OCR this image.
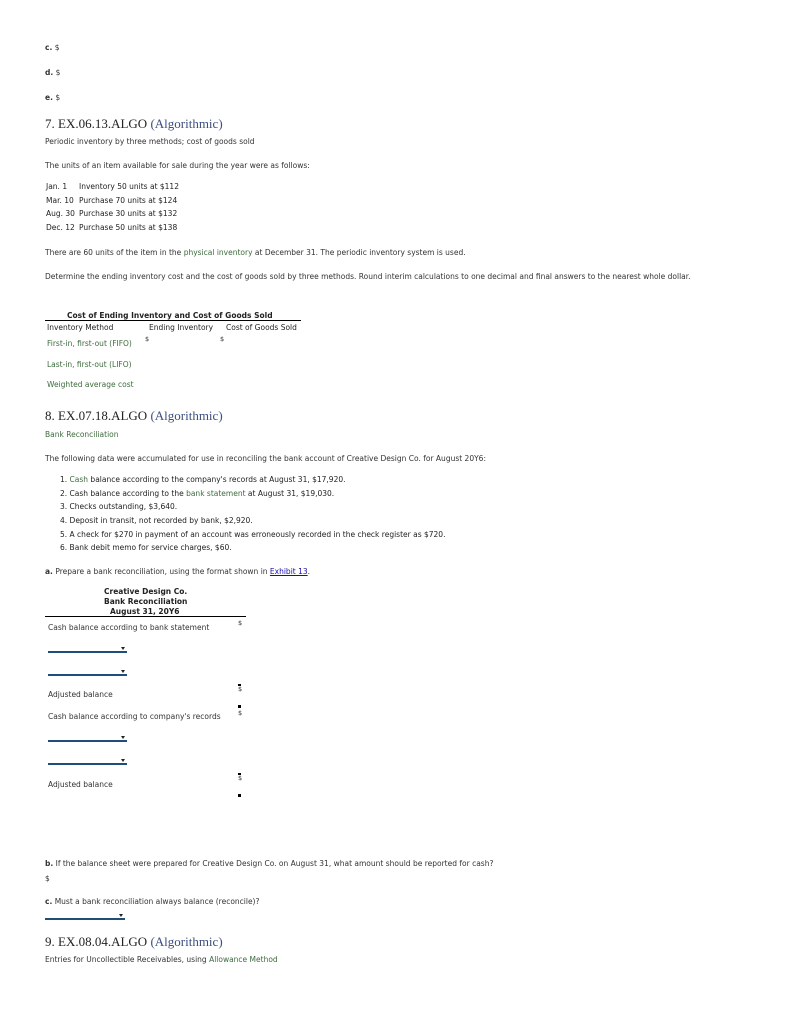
c. $
d. $
e. $
7. EX.06.13.ALGO (Algorithmic)
Periodic inventory by three methods; cost of goods sold
The units of an item available for sale during the year were as follows:
Jan. 1 Inventory 50 units at $112
Mar. 10 Purchase 70 units at $124
Aug. 30 Purchase 30 units at $132
Dec. 12 Purchase 50 units at $138
There are 60 units of the item in the physical inventory at December 31. The periodic inventory system is used.
Determine the ending inventory cost and the cost of goods sold by three methods. Round interim calculations to one decimal and final answers to the nearest whole dollar.
Cost of Ending Inventory and Cost of Goods Sold
Inventory Method	Ending Inventory Cost of Goods Sold
First-in, first-out (FIFO) $	$
Last-in, first-out (LIFO)
Weighted average cost
8. EX.07.18.ALGO (Algorithmic)
Bank Reconciliation
The following data were accumulated for use in reconciling the bank account of Creative Design Co. for August 20Y6:
1. Cash balance according to the company's records at August 31, $17,920.
2. Cash balance according to the bank statement at August 31, $19,030.
3. Checks outstanding, $3,640.
4. Deposit in transit, not recorded by bank, $2,920.
5. A check for $270 in payment of an account was erroneously recorded in the check register as $720.
6. Bank debit memo for service charges, $60.
a. Prepare a bank reconciliation, using the format shown in Exhibit 13.
Creative Design Co.
Bank Reconciliation
August 31, 20Y6
Cash balance according to bank statement	$
$
Adjusted balance
Cash balance according to company's records	$
$
Adjusted balance
b. If the balance sheet were prepared for Creative Design Co. on August 31, what amount should be reported for cash?
$
c. Must a bank reconciliation always balance (reconcile)?
9. EX.08.04.ALGO (Algorithmic)
Entries for Uncollectible Receivables, using Allowance Method
